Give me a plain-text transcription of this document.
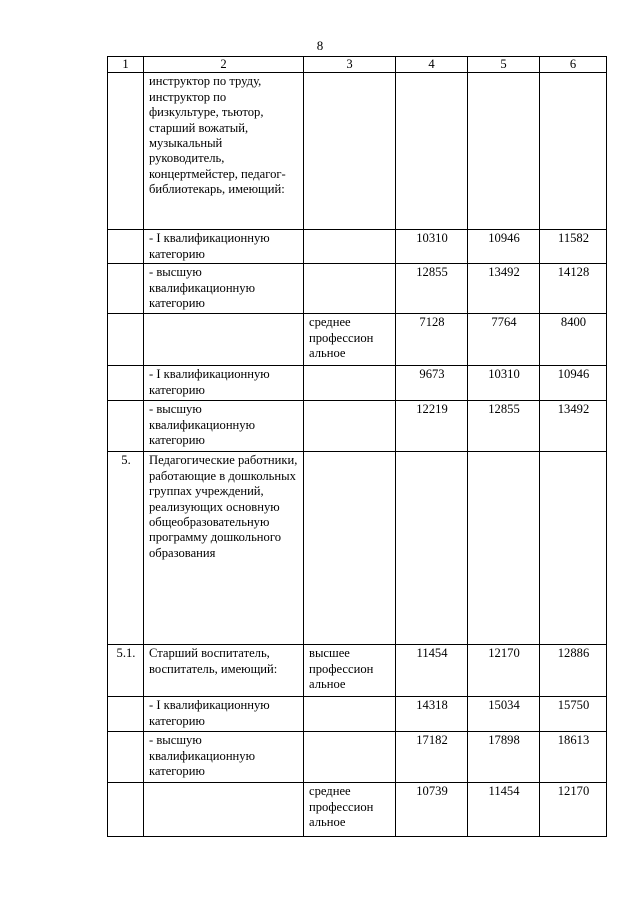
8
1	2	3	4	5	6
	инструктор по труду, инструктор по физкультуре, тьютор, старший вожатый, музыкальный руководитель, концертмейстер, педагог-библиотекарь, имеющий:				
	- I квалификационную категорию		10310	10946	11582
	- высшую квалификационную категорию		12855	13492	14128
		среднее профессион альное	7128	7764	8400
	- I квалификационную категорию		9673	10310	10946
	- высшую квалификационную категорию		12219	12855	13492
5.	Педагогические работники, работающие в дошкольных группах учреждений, реализующих основную общеобразовательную программу дошкольного образования				
5.1.	Старший воспитатель, воспитатель, имеющий:	высшее профессион альное	11454	12170	12886
	- I квалификационную категорию		14318	15034	15750
	- высшую квалификационную категорию		17182	17898	18613
		среднее профессион альное	10739	11454	12170
